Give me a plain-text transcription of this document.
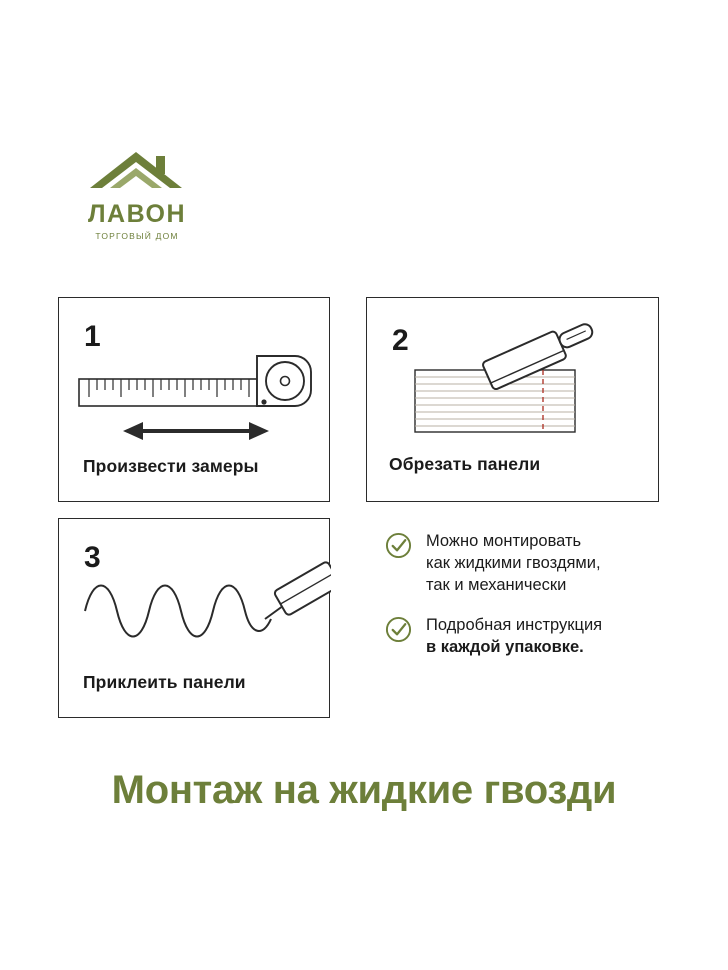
ЛАВОН
ТОРГОВЫЙ ДОМ
1
Произвести замеры
2
Обрезать панели
3
Приклеить панели
Можно монтировать
как жидкими гвоздями,
так и механически
Подробная инструкция
в каждой упаковке.
Монтаж на жидкие гвозди
